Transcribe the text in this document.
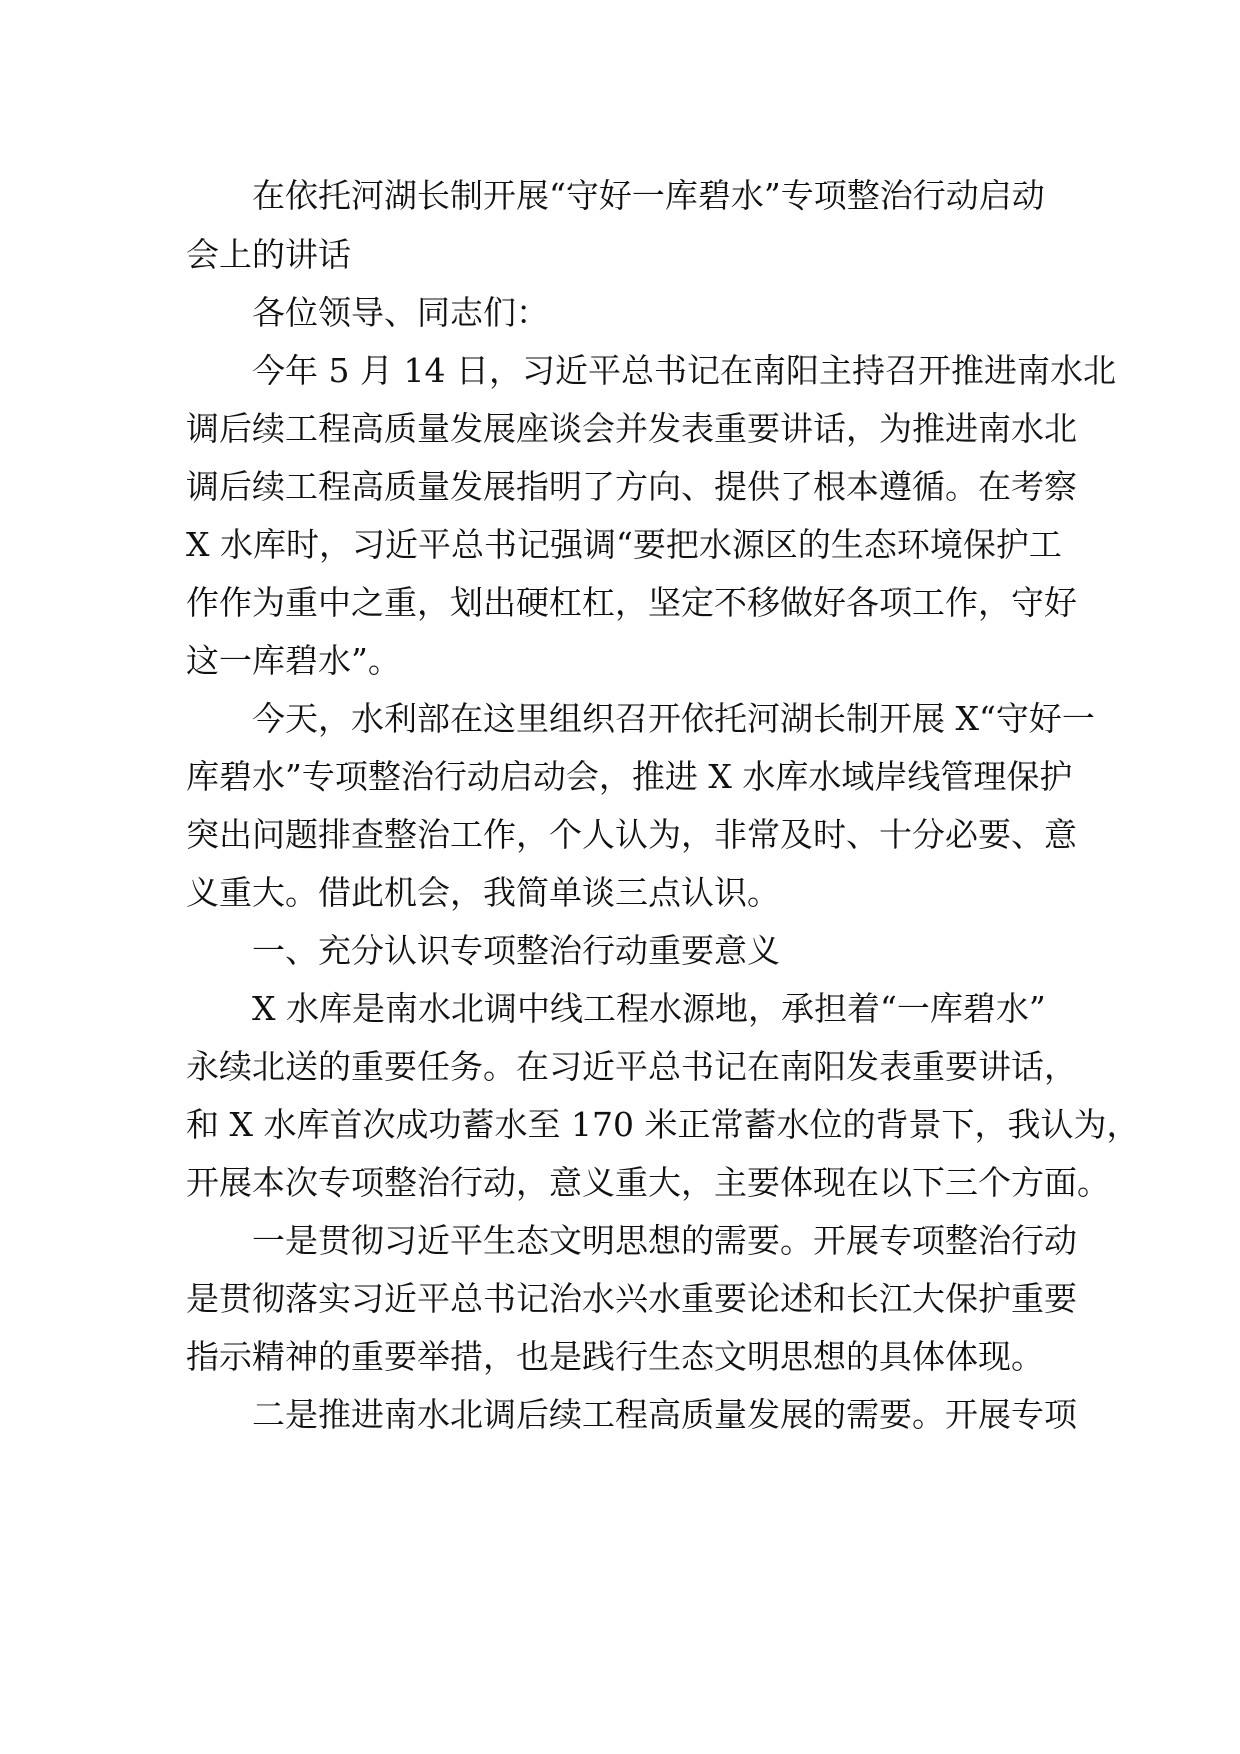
　　在依托河湖长制开展“守好一库碧水”专项整治行动启动
会上的讲话
　　各位领导、同志们：
　　今年 5 月 14 日，习近平总书记在南阳主持召开推进南水北
调后续工程高质量发展座谈会并发表重要讲话，为推进南水北
调后续工程高质量发展指明了方向、提供了根本遵循。在考察
X 水库时，习近平总书记强调“要把水源区的生态环境保护工
作作为重中之重，划出硬杠杠，坚定不移做好各项工作，守好
这一库碧水”。
　　今天，水利部在这里组织召开依托河湖长制开展 X“守好一
库碧水”专项整治行动启动会，推进 X 水库水域岸线管理保护
突出问题排查整治工作，个人认为，非常及时、十分必要、意
义重大。借此机会，我简单谈三点认识。
　　一、充分认识专项整治行动重要意义
　　X 水库是南水北调中线工程水源地，承担着“一库碧水”
永续北送的重要任务。在习近平总书记在南阳发表重要讲话，
和 X 水库首次成功蓄水至 170 米正常蓄水位的背景下，我认为，
开展本次专项整治行动，意义重大，主要体现在以下三个方面。
　　一是贯彻习近平生态文明思想的需要。开展专项整治行动
是贯彻落实习近平总书记治水兴水重要论述和长江大保护重要
指示精神的重要举措，也是践行生态文明思想的具体体现。
　　二是推进南水北调后续工程高质量发展的需要。开展专项
